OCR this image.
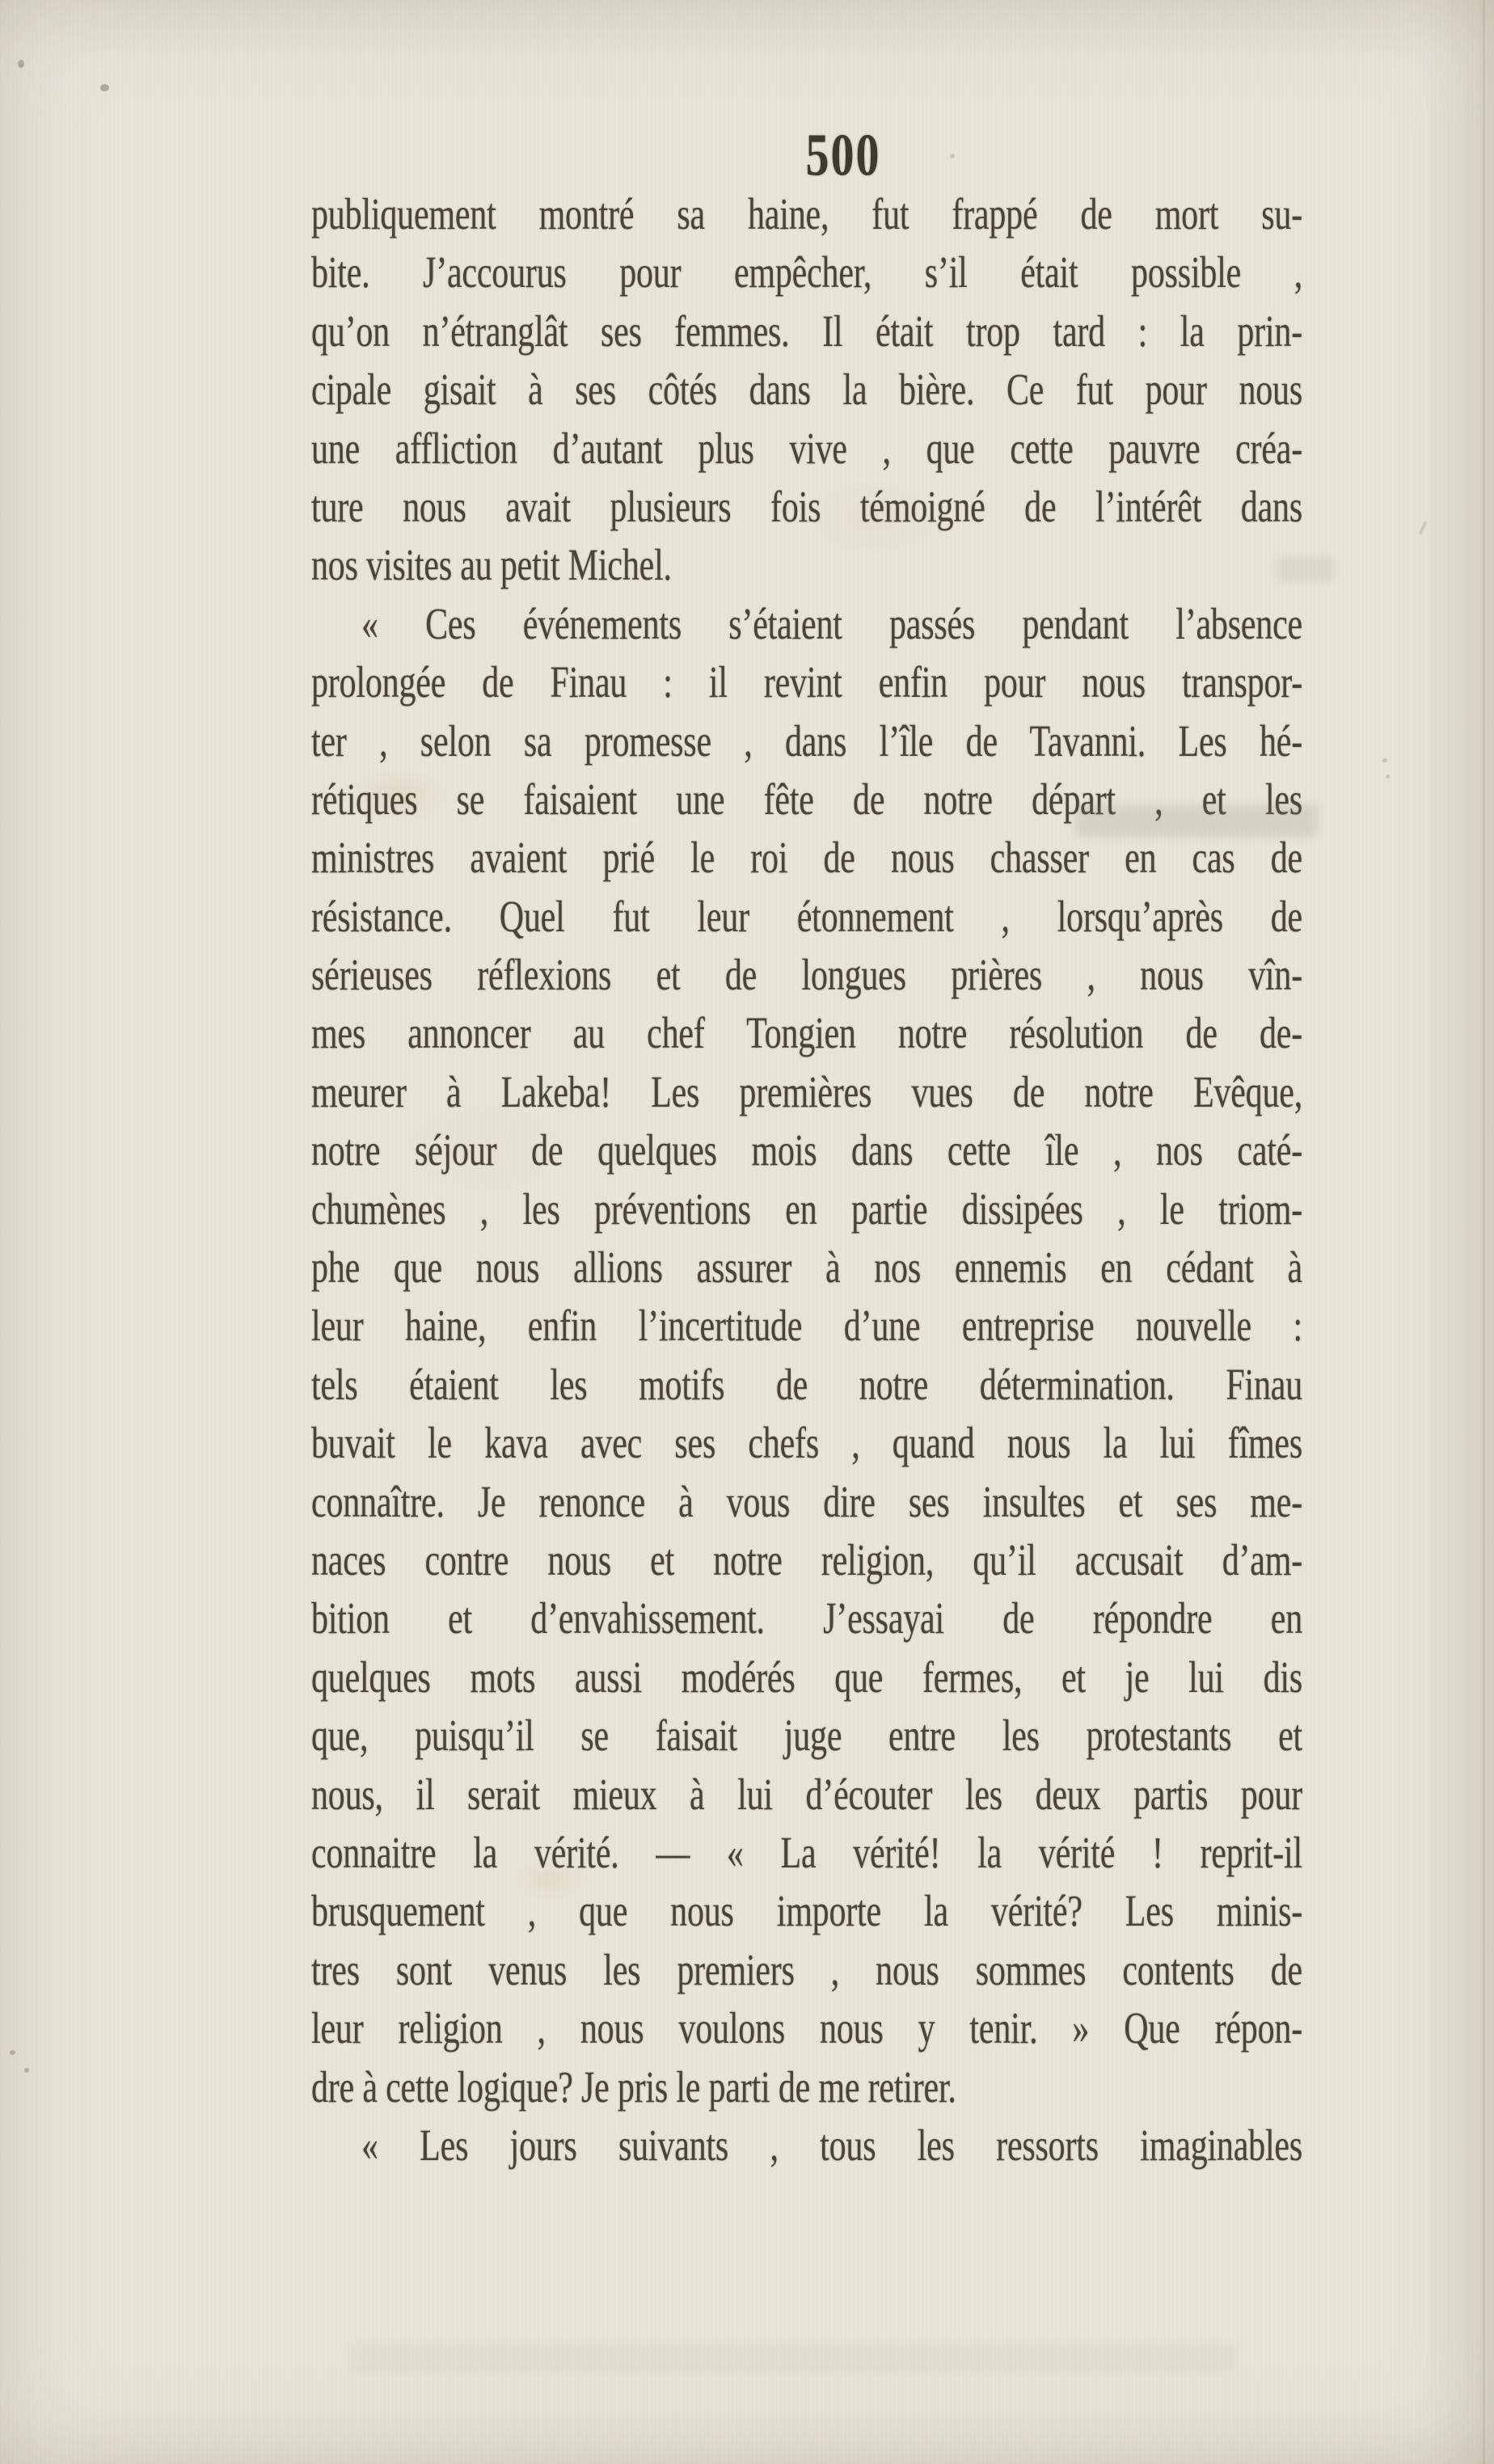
500
publiquement montré sa haine, fut frappé de mort su-
bite. J’accourus pour empêcher, s’il était possible ,
qu’on n’étranglât ses femmes. Il était trop tard : la prin-
cipale gisait à ses côtés dans la bière. Ce fut pour nous
une affliction d’autant plus vive , que cette pauvre créa-
ture nous avait plusieurs fois témoigné de l’intérêt dans
nos visites au petit Michel.
« Ces événements s’étaient passés pendant l’absence
prolongée de Finau : il revint enfin pour nous transpor-
ter , selon sa promesse , dans l’île de Tavanni. Les hé-
rétiques se faisaient une fête de notre départ , et les
ministres avaient prié le roi de nous chasser en cas de
résistance. Quel fut leur étonnement , lorsqu’après de
sérieuses réflexions et de longues prières , nous vîn-
mes annoncer au chef Tongien notre résolution de de-
meurer à Lakeba! Les premières vues de notre Evêque,
notre séjour de quelques mois dans cette île , nos caté-
chumènes , les préventions en partie dissipées , le triom-
phe que nous allions assurer à nos ennemis en cédant à
leur haine, enfin l’incertitude d’une entreprise nouvelle :
tels étaient les motifs de notre détermination. Finau
buvait le kava avec ses chefs , quand nous la lui fîmes
connaître. Je renonce à vous dire ses insultes et ses me-
naces contre nous et notre religion, qu’il accusait d’am-
bition et d’envahissement. J’essayai de répondre en
quelques mots aussi modérés que fermes, et je lui dis
que, puisqu’il se faisait juge entre les protestants et
nous, il serait mieux à lui d’écouter les deux partis pour
connaitre la vérité. — « La vérité! la vérité ! reprit-il
brusquement , que nous importe la vérité? Les minis-
tres sont venus les premiers , nous sommes contents de
leur religion , nous voulons nous y tenir. » Que répon-
dre à cette logique? Je pris le parti de me retirer.
« Les jours suivants , tous les ressorts imaginables
